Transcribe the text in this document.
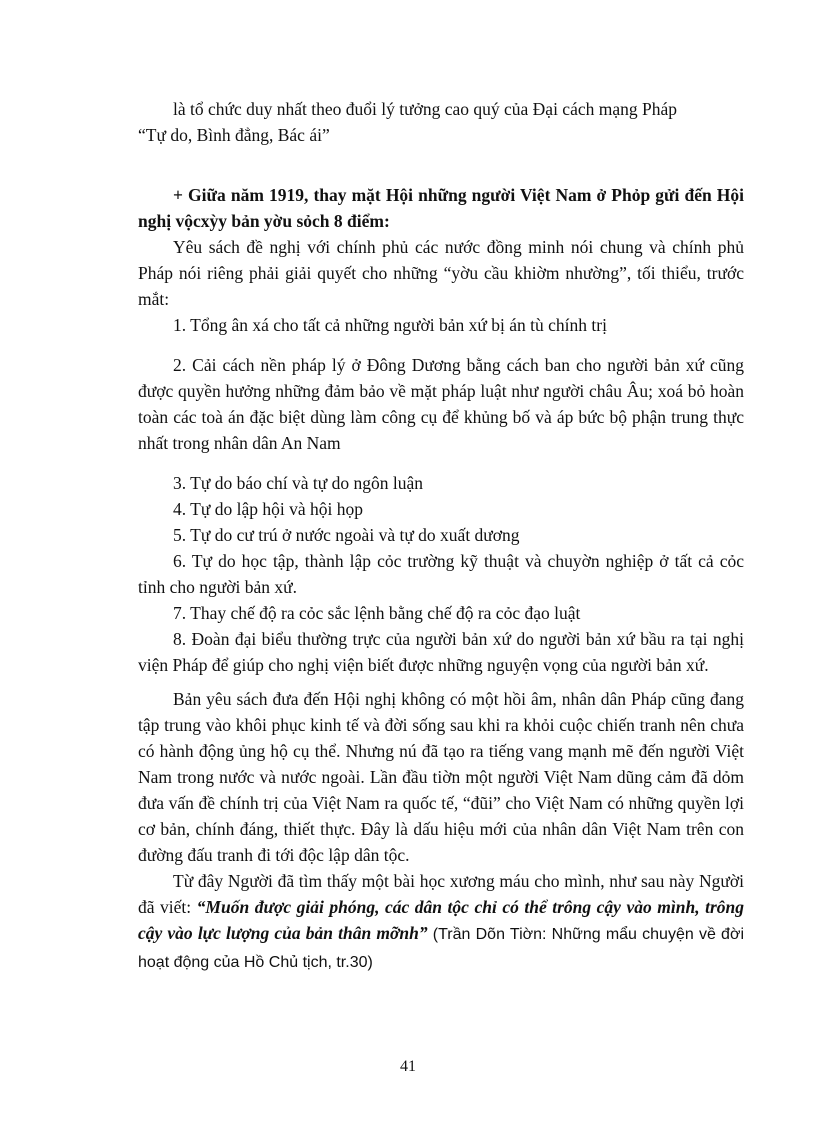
là tổ chức duy nhất theo đuổi lý tưởng cao quý của Đại cách mạng Pháp

“Tự do, Bình đẳng, Bác ái”

+ Giữa năm 1919, thay mặt Hội những người Việt Nam ở Phỏp gửi đến Hội nghị vộcxỳy bản yờu sỏch 8 điểm:

Yêu sách đề nghị với chính phủ các nước đồng minh nói chung và chính phủ Pháp nói riêng phải giải quyết cho những “yờu cầu khiờm nhường”, tối thiểu, trước mắt:

1. Tổng ân xá cho tất cả những người bản xứ bị án tù chính trị

2. Cải cách nền pháp lý ở Đông Dương bằng cách ban cho người bản xứ cũng được quyền hưởng những đảm bảo về mặt pháp luật như người châu Âu; xoá bỏ hoàn toàn các toà án đặc biệt dùng làm công cụ để khủng bố và áp bức bộ phận trung thực nhất trong nhân dân An Nam

3. Tự do báo chí và tự do ngôn luận

4. Tự do lập hội và hội họp

5. Tự do cư trú ở nước ngoài và tự do xuất dương

6. Tự do học tập, thành lập cỏc trường kỹ thuật và chuyờn nghiệp ở tất cả cỏc tỉnh cho người bản xứ.

7. Thay chế độ ra cỏc sắc lệnh bằng chế độ ra cỏc đạo luật

8. Đoàn đại biểu thường trực của người bản xứ do người bản xứ bầu ra tại nghị viện Pháp để giúp cho nghị viện biết được những nguyện vọng của người bản xứ.

Bản yêu sách đưa đến Hội nghị không có một hồi âm, nhân dân Pháp cũng đang tập trung vào khôi phục kinh tế và đời sống sau khi ra khỏi cuộc chiến tranh nên chưa có hành động ủng hộ cụ thể. Nhưng nú đã tạo ra tiếng vang mạnh mẽ đến người Việt Nam trong nước và nước ngoài. Lần đầu tiờn một người Việt Nam dũng cảm đã dỏm đưa vấn đề chính trị của Việt Nam ra quốc tế, “đũi” cho Việt Nam có những quyền lợi cơ bản, chính đáng, thiết thực. Đây là dấu hiệu mới của nhân dân Việt Nam trên con đường đấu tranh đi tới độc lập dân tộc.

Từ đây Người đã tìm thấy một bài học xương máu cho mình, như sau này Người đã viết: “Muốn được giải phóng, các dân tộc chỉ có thể trông cậy vào mình, trông cậy vào lực lượng của bản thân mỡnh” (Trần Dõn Tiờn: Những mẩu chuyện về đời hoạt động của Hồ Chủ tịch, tr.30)

41
